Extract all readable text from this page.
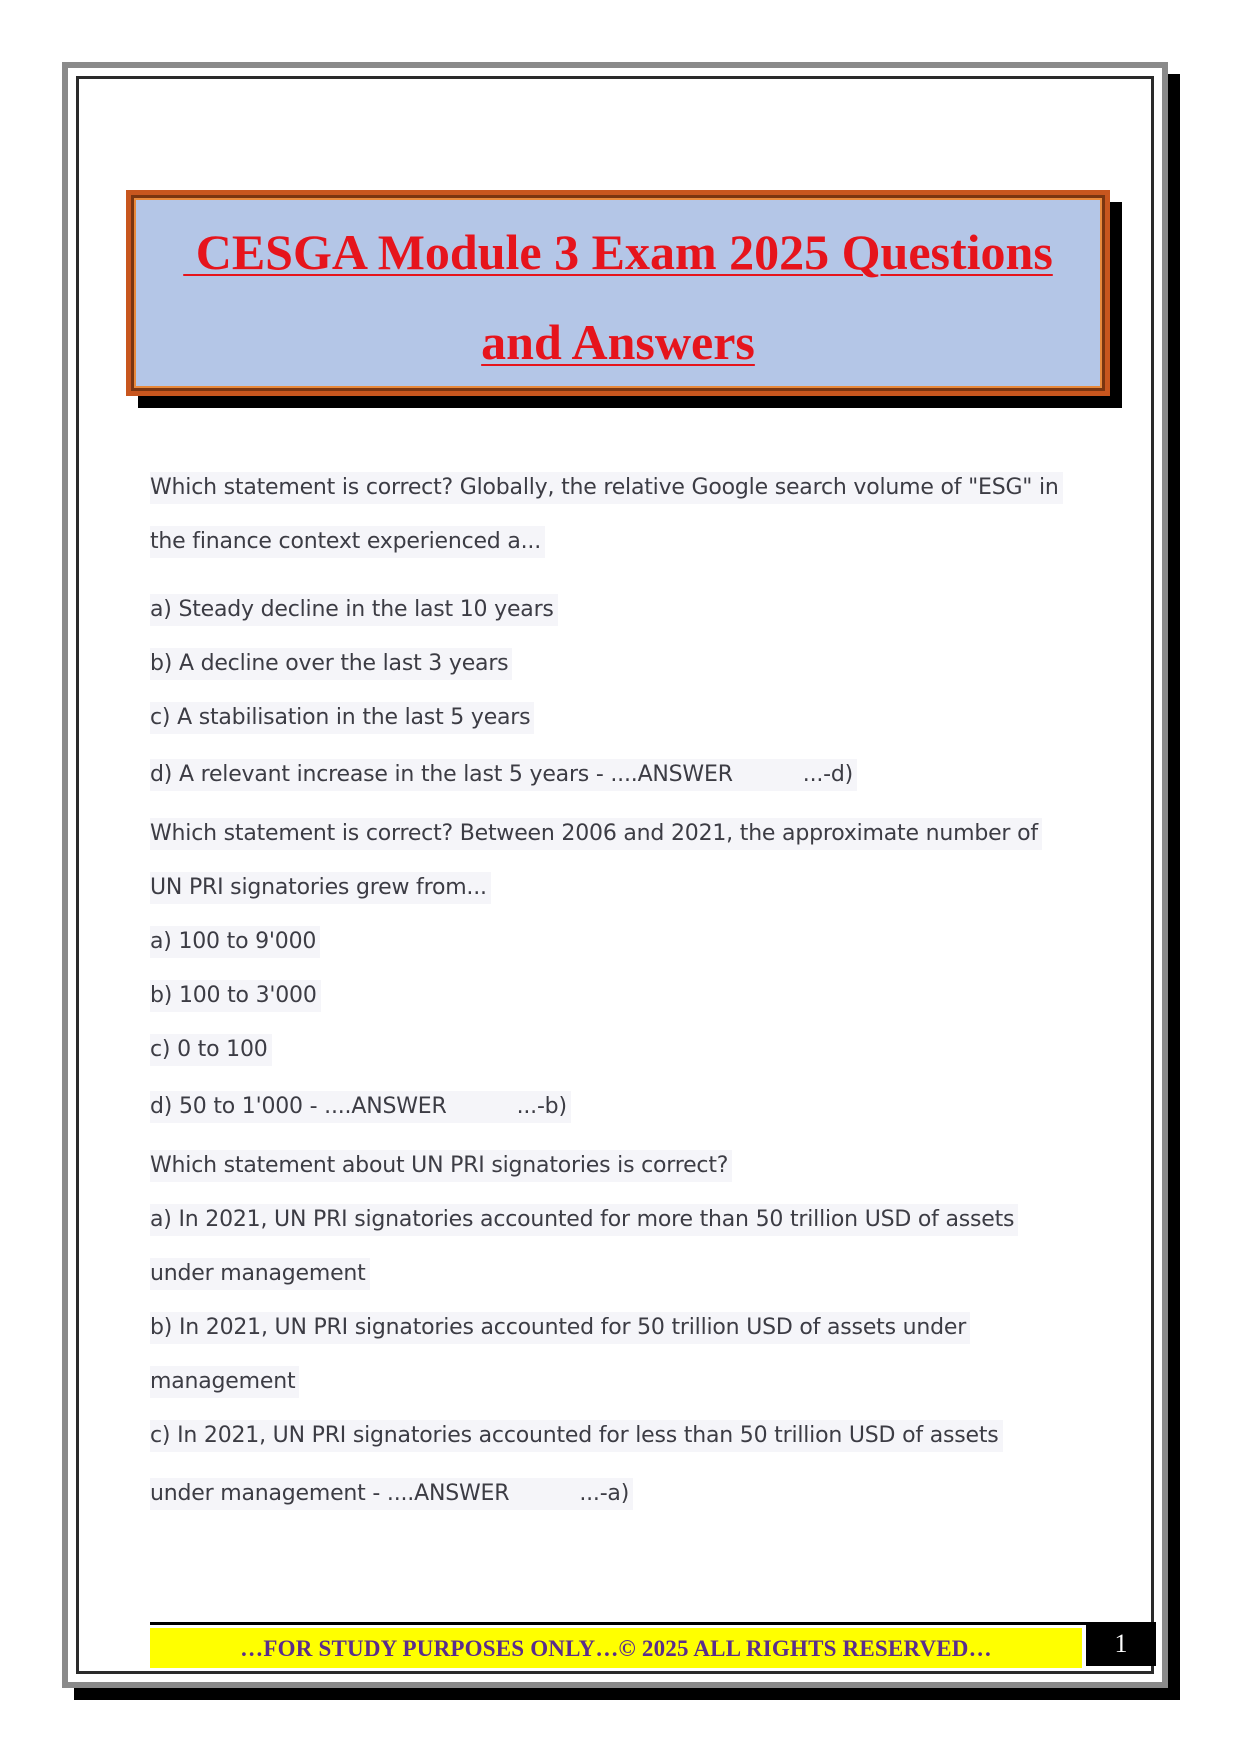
CESGA Module 3 Exam 2025 Questions
and Answers
Which statement is correct? Globally, the relative Google search volume of "ESG" in
the finance context experienced a...
a) Steady decline in the last 10 years
b) A decline over the last 3 years
c) A stabilisation in the last 5 years
d) A relevant increase in the last 5 years - ....ANSWER	...-d)
Which statement is correct? Between 2006 and 2021, the approximate number of
UN PRI signatories grew from...
a) 100 to 9'000
b) 100 to 3'000
c) 0 to 100
d) 50 to 1'000 - ....ANSWER	...-b)
Which statement about UN PRI signatories is correct?
a) In 2021, UN PRI signatories accounted for more than 50 trillion USD of assets
under management
b) In 2021, UN PRI signatories accounted for 50 trillion USD of assets under
management
c) In 2021, UN PRI signatories accounted for less than 50 trillion USD of assets
under management - ....ANSWER	...-a)
…FOR STUDY PURPOSES ONLY…© 2025 ALL RIGHTS RESERVED…	1
